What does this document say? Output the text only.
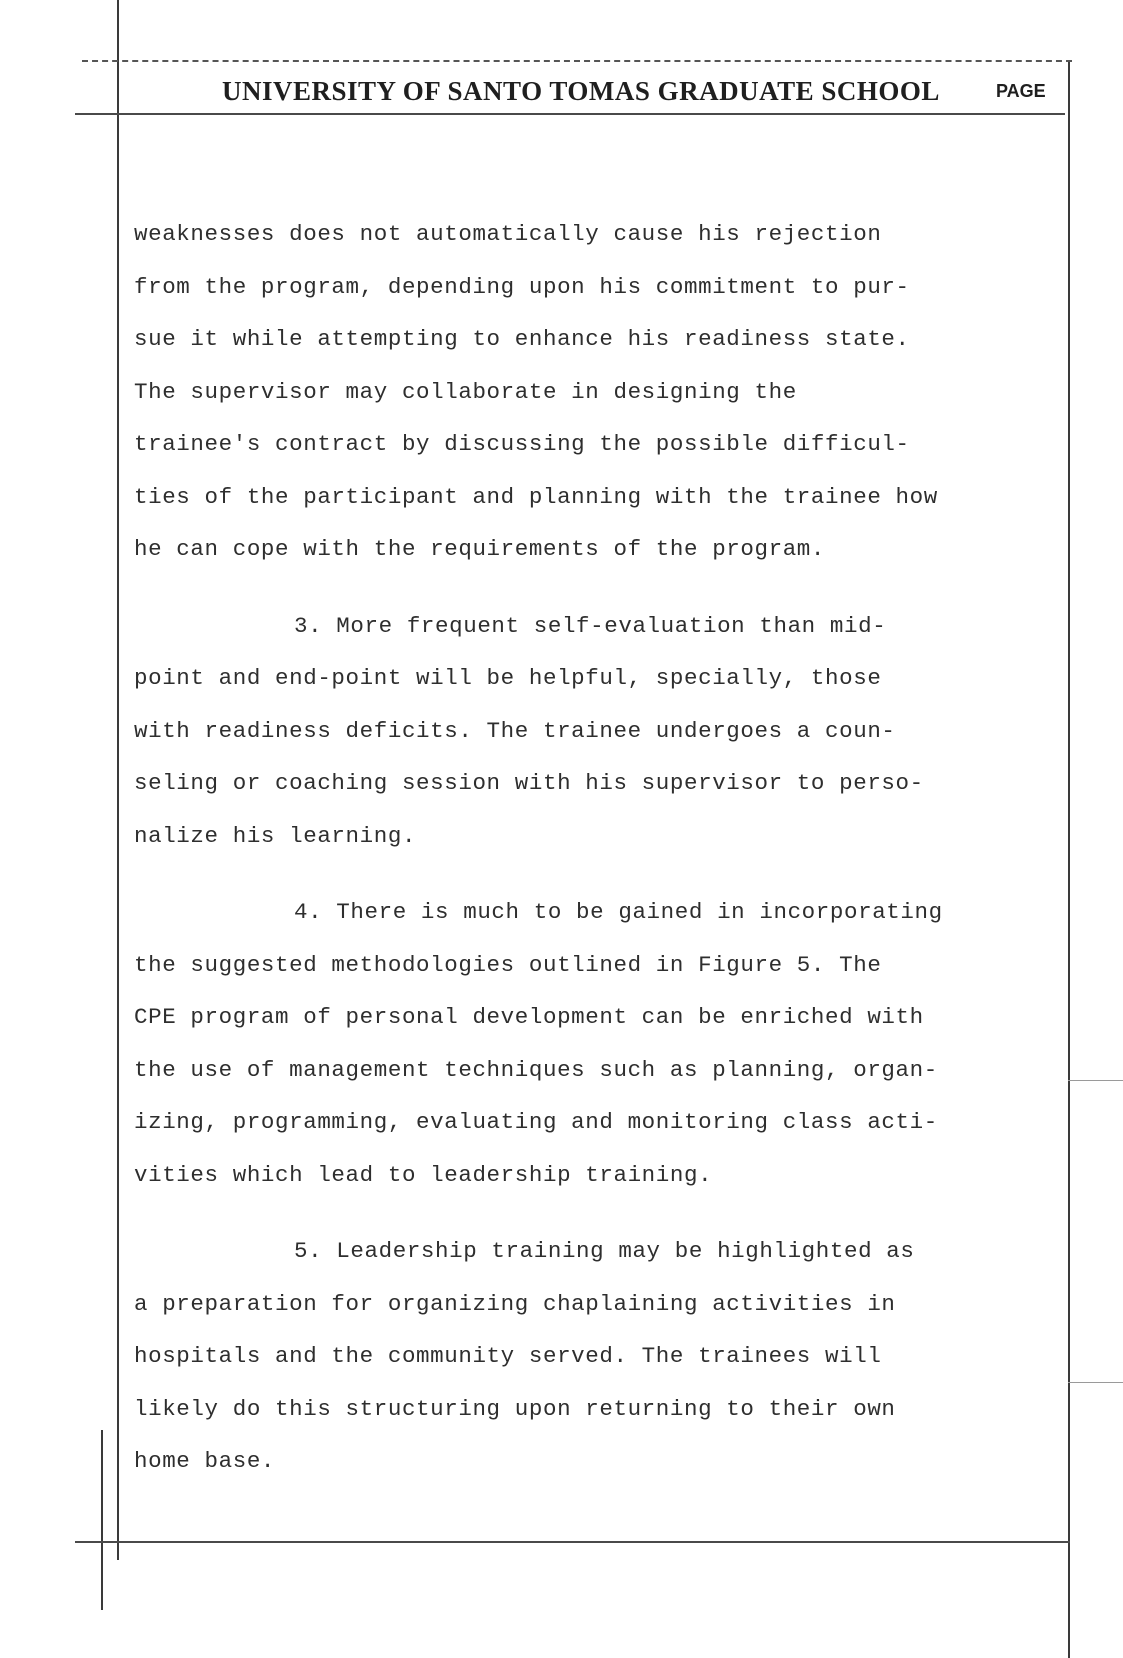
UNIVERSITY OF SANTO TOMAS GRADUATE SCHOOL	PAGE
weaknesses does not automatically cause his rejection
from the program, depending upon his commitment to pur-
sue it while attempting to enhance his readiness state.
The supervisor may collaborate in designing the
trainee's contract by discussing the possible difficul-
ties of the participant and planning with the trainee how
he can cope with the requirements of the program.
3. More frequent self-evaluation than mid-
point and end-point will be helpful, specially, those
with readiness deficits. The trainee undergoes a coun-
seling or coaching session with his supervisor to perso-
nalize his learning.
4. There is much to be gained in incorporating
the suggested methodologies outlined in Figure 5. The
CPE program of personal development can be enriched with
the use of management techniques such as planning, organ-
izing, programming, evaluating and monitoring class acti-
vities which lead to leadership training.
5. Leadership training may be highlighted as
a preparation for organizing chaplaining activities in
hospitals and the community served. The trainees will
likely do this structuring upon returning to their own
home base.
